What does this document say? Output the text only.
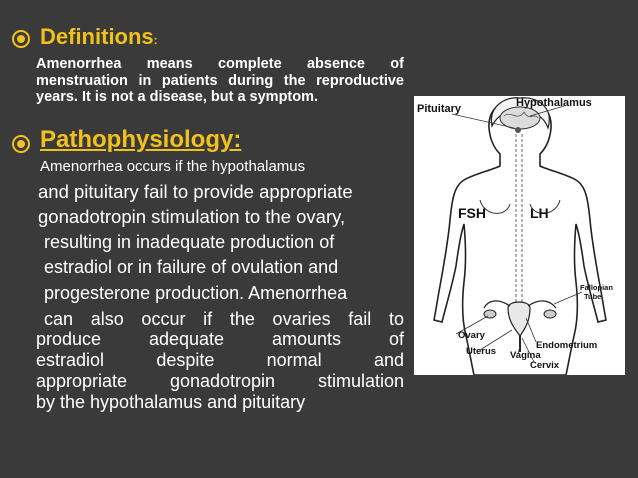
Definitions:
Amenorrhea means complete absence of menstruation in patients during the reproductive years. It is not a disease, but a symptom.
Pathophysiology:
Amenorrhea occurs if the hypothalamus
and pituitary fail to provide appropriate
gonadotropin stimulation to the ovary,
resulting in inadequate production of
estradiol or in failure of ovulation and
progesterone production. Amenorrhea
can also occur if the ovaries fail to
produce adequate amounts of
estradiol despite normal and
appropriate gonadotropin stimulation
by the hypothalamus and pituitary
Pituitary	Hypothalamus
FSH	LH
Fallopian
Tube
Ovary
Uterus
Endometrium
Vagina
Cervix
